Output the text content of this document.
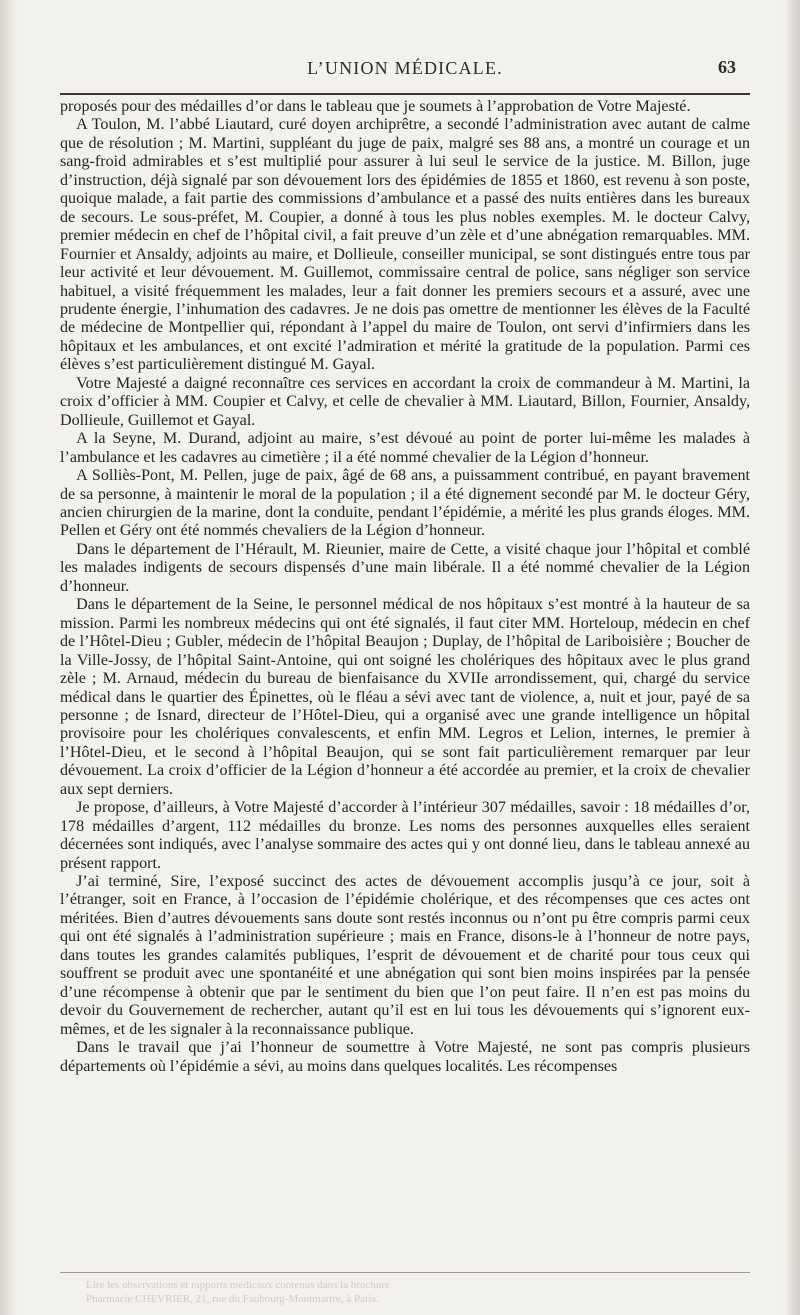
L’UNION MÉDICALE.	63

proposés pour des médailles d’or dans le tableau que je soumets à l’approbation de Votre Majesté.

A Toulon, M. l’abbé Liautard, curé doyen archiprêtre, a secondé l’administration avec autant de calme que de résolution ; M. Martini, suppléant du juge de paix, malgré ses 88 ans, a montré un courage et un sang-froid admirables et s’est multiplié pour assurer à lui seul le service de la justice. M. Billon, juge d’instruction, déjà signalé par son dévouement lors des épidémies de 1855 et 1860, est revenu à son poste, quoique malade, a fait partie des commissions d’ambulance et a passé des nuits entières dans les bureaux de secours. Le sous-préfet, M. Coupier, a donné à tous les plus nobles exemples. M. le docteur Calvy, premier médecin en chef de l’hôpital civil, a fait preuve d’un zèle et d’une abnégation remarquables. MM. Fournier et Ansaldy, adjoints au maire, et Dollieule, conseiller municipal, se sont distingués entre tous par leur activité et leur dévouement. M. Guillemot, commissaire central de police, sans négliger son service habituel, a visité fréquemment les malades, leur a fait donner les premiers secours et a assuré, avec une prudente énergie, l’inhumation des cadavres. Je ne dois pas omettre de mentionner les élèves de la Faculté de médecine de Montpellier qui, répondant à l’appel du maire de Toulon, ont servi d’infirmiers dans les hôpitaux et les ambulances, et ont excité l’admiration et mérité la gratitude de la population. Parmi ces élèves s’est particulièrement distingué M. Gayal.

Votre Majesté a daigné reconnaître ces services en accordant la croix de commandeur à M. Martini, la croix d’officier à MM. Coupier et Calvy, et celle de chevalier à MM. Liautard, Billon, Fournier, Ansaldy, Dollieule, Guillemot et Gayal.

A la Seyne, M. Durand, adjoint au maire, s’est dévoué au point de porter lui-même les malades à l’ambulance et les cadavres au cimetière ; il a été nommé chevalier de la Légion d’honneur.

A Solliès-Pont, M. Pellen, juge de paix, âgé de 68 ans, a puissamment contribué, en payant bravement de sa personne, à maintenir le moral de la population ; il a été dignement secondé par M. le docteur Géry, ancien chirurgien de la marine, dont la conduite, pendant l’épidémie, a mérité les plus grands éloges. MM. Pellen et Géry ont été nommés chevaliers de la Légion d’honneur.

Dans le département de l’Hérault, M. Rieunier, maire de Cette, a visité chaque jour l’hôpital et comblé les malades indigents de secours dispensés d’une main libérale. Il a été nommé chevalier de la Légion d’honneur.

Dans le département de la Seine, le personnel médical de nos hôpitaux s’est montré à la hauteur de sa mission. Parmi les nombreux médecins qui ont été signalés, il faut citer MM. Horteloup, médecin en chef de l’Hôtel-Dieu ; Gubler, médecin de l’hôpital Beaujon ; Duplay, de l’hôpital de Lariboisière ; Boucher de la Ville-Jossy, de l’hôpital Saint-Antoine, qui ont soigné les cholériques des hôpitaux avec le plus grand zèle ; M. Arnaud, médecin du bureau de bienfaisance du XVIIe arrondissement, qui, chargé du service médical dans le quartier des Épinettes, où le fléau a sévi avec tant de violence, a, nuit et jour, payé de sa personne ; de Isnard, directeur de l’Hôtel-Dieu, qui a organisé avec une grande intelligence un hôpital provisoire pour les cholériques convalescents, et enfin MM. Legros et Lelion, internes, le premier à l’Hôtel-Dieu, et le second à l’hôpital Beaujon, qui se sont fait particulièrement remarquer par leur dévouement. La croix d’officier de la Légion d’honneur a été accordée au premier, et la croix de chevalier aux sept derniers.

Je propose, d’ailleurs, à Votre Majesté d’accorder à l’intérieur 307 médailles, savoir : 18 médailles d’or, 178 médailles d’argent, 112 médailles du bronze. Les noms des personnes auxquelles elles seraient décernées sont indiqués, avec l’analyse sommaire des actes qui y ont donné lieu, dans le tableau annexé au présent rapport.

J’ai terminé, Sire, l’exposé succinct des actes de dévouement accomplis jusqu’à ce jour, soit à l’étranger, soit en France, à l’occasion de l’épidémie cholérique, et des récompenses que ces actes ont méritées. Bien d’autres dévouements sans doute sont restés inconnus ou n’ont pu être compris parmi ceux qui ont été signalés à l’administration supérieure ; mais en France, disons-le à l’honneur de notre pays, dans toutes les grandes calamités publiques, l’esprit de dévouement et de charité pour tous ceux qui souffrent se produit avec une spontanéité et une abnégation qui sont bien moins inspirées par la pensée d’une récompense à obtenir que par le sentiment du bien que l’on peut faire. Il n’en est pas moins du devoir du Gouvernement de rechercher, autant qu’il est en lui tous les dévouements qui s’ignorent eux-mêmes, et de les signaler à la reconnaissance publique.

Dans le travail que j’ai l’honneur de soumettre à Votre Majesté, ne sont pas compris plusieurs départements où l’épidémie a sévi, au moins dans quelques localités. Les récompenses

Lire les observations et rapports médicaux contenus dans la brochure
Pharmacie CHEVRIER, 21, rue du Faubourg-Montmartre, à Paris.
